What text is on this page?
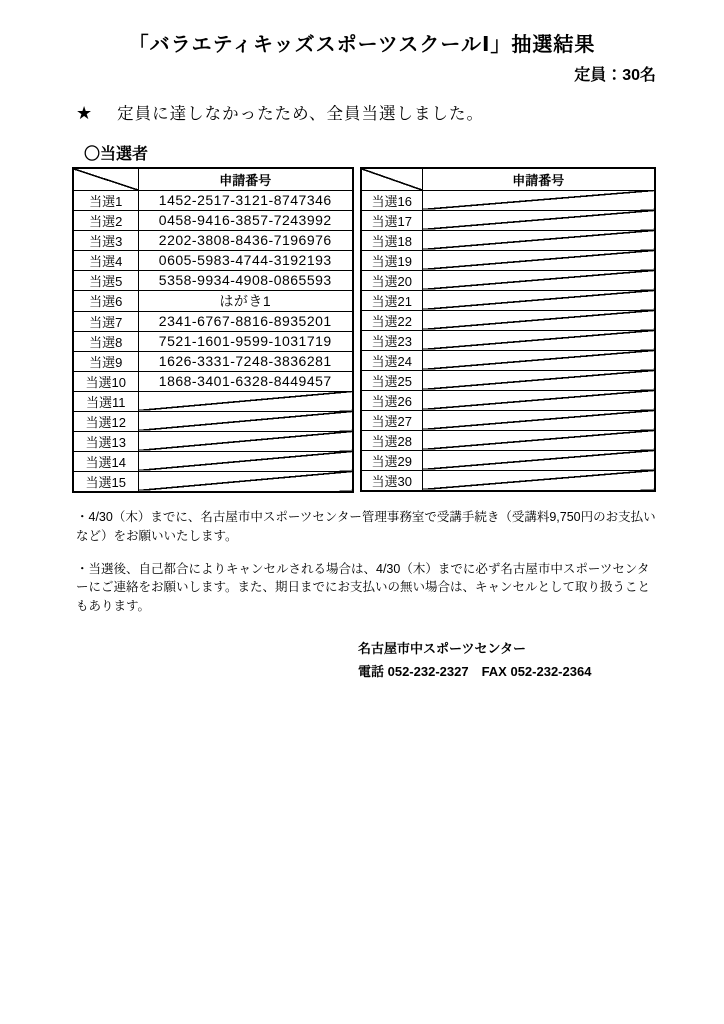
「バラエティキッズスポーツスクールⅠ」抽選結果
定員：30名
★ 定員に達しなかったため、全員当選しました。
〇当選者
	申請番号
当選1	1452-2517-3121-8747346
当選2	0458-9416-3857-7243992
当選3	2202-3808-8436-7196976
当選4	0605-5983-4744-3192193
当選5	5358-9934-4908-0865593
当選6	はがき1
当選7	2341-6767-8816-8935201
当選8	7521-1601-9599-1031719
当選9	1626-3331-7248-3836281
当選10	1868-3401-6328-8449457
当選11	
当選12	
当選13	
当選14	
当選15	
	申請番号
当選16	
当選17	
当選18	
当選19	
当選20	
当選21	
当選22	
当選23	
当選24	
当選25	
当選26	
当選27	
当選28	
当選29	
当選30	

・4/30（木）までに、名古屋市中スポーツセンター管理事務室で受講手続き（受講料9,750円のお支払いなど）をお願いいたします。

・当選後、自己都合によりキャンセルされる場合は、4/30（木）までに必ず名古屋市中スポーツセンターにご連絡をお願いします。また、期日までにお支払いの無い場合は、キャンセルとして取り扱うこともあります。

名古屋市中スポーツセンター
電話 052-232-2327　FAX 052-232-2364
